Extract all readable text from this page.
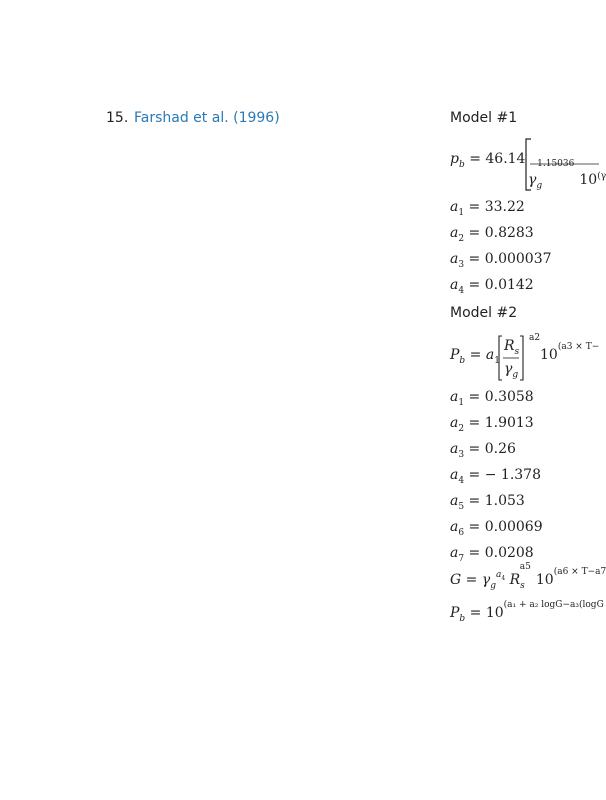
15. Farshad et al. (1996)	Model #1
$p_b = 46.14$
$\gamma_g^{1.15036}10^{(\gamma}$
$a_1 = 33.22$
$a_2 = 0.8283$
$a_3 = 0.000037$
$a_4 = 0.0142$
Model #2
$P_b = a_1$
$R_s$
$\gamma_g$
a2
$10^{(a3 \times T-}$
$a_1 = 0.3058$
$a_2 = 1.9013$
$a_3 = 0.26$
$a_4$ = − 1.378
$a_5 = 1.053$
$a_6 = 0.00069$
$a_7 = 0.0208$
$G = \gamma_g^{a_4}$ $R_s^{a5}10^{(a6 \times T-a7}$
$P_b = 10^{(a_1 + a_2 logG-a_3(logG}$
